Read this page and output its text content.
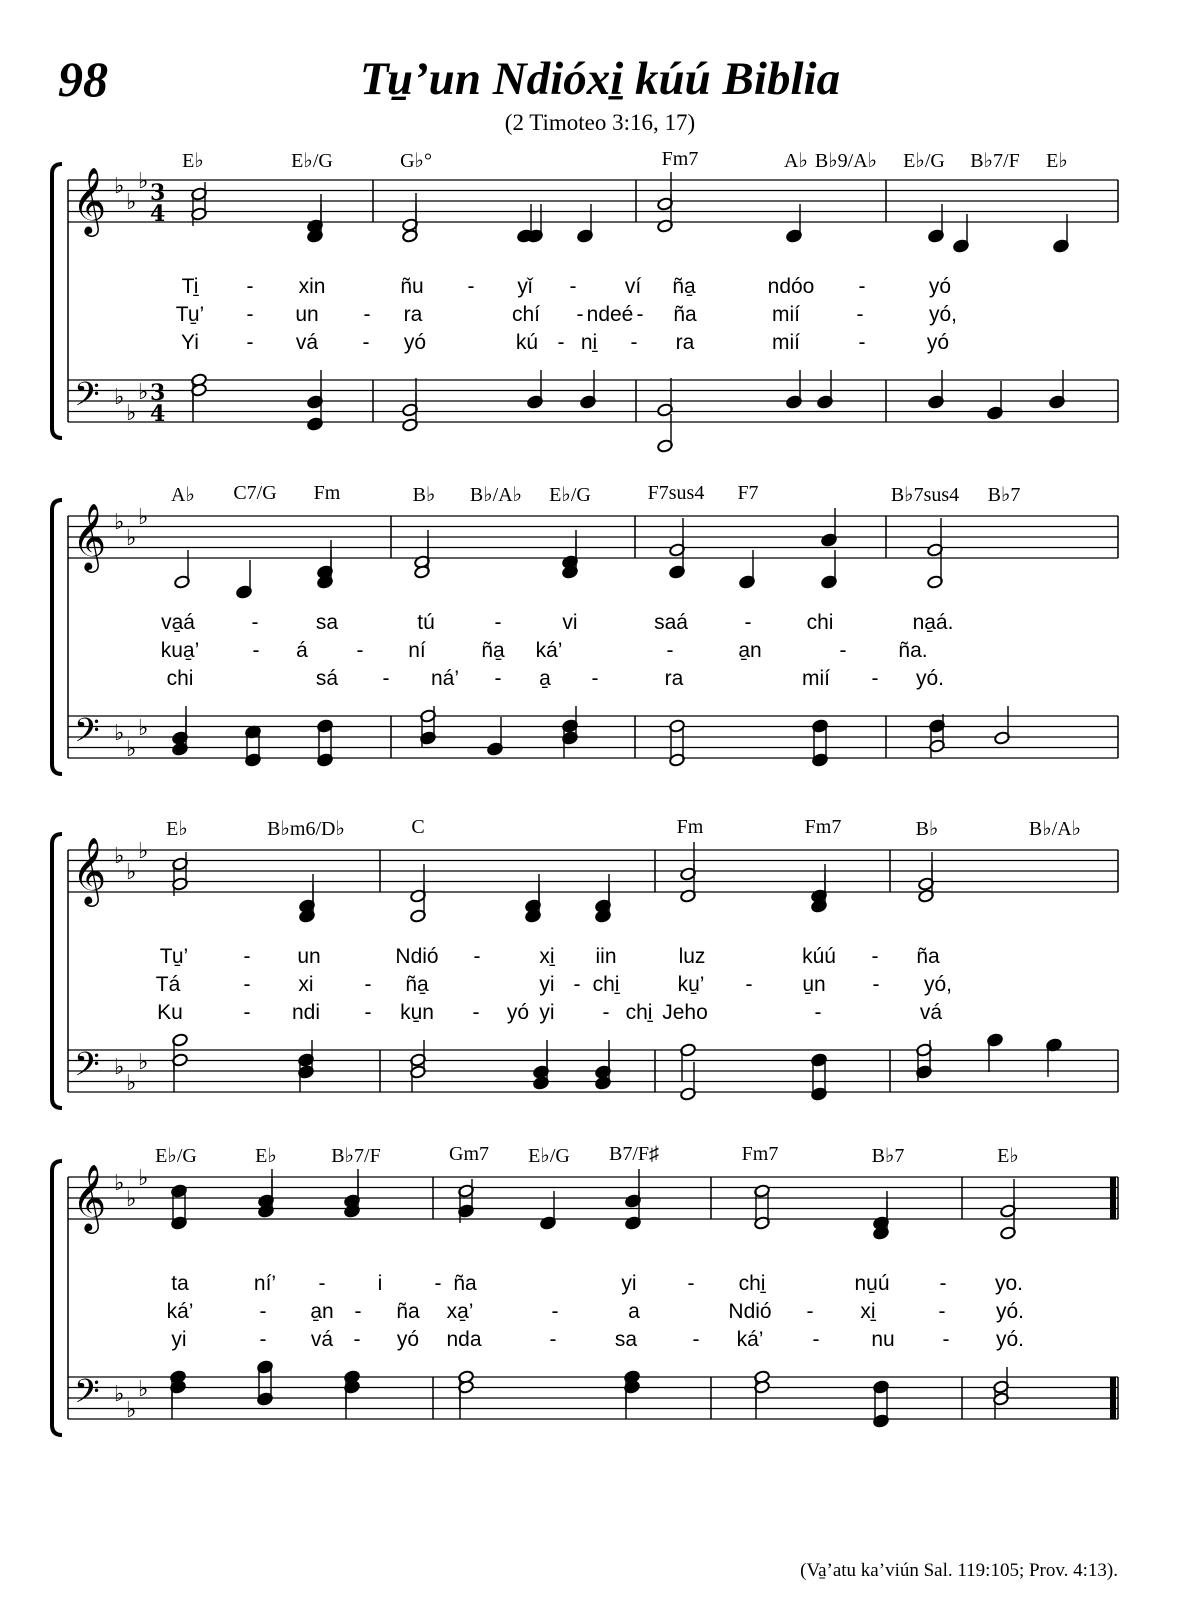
98	Tu̱’un Ndióxi̱ kúú Biblia
(2 Timoteo 3:16, 17)
𝄞
𝄢
♭
♭
♭
♭
♭
♭
3
4
3
4
E♭	E♭/G	G♭°	Fm7	A♭ B♭9/A♭ E♭/G B♭7/F E♭
Ti̱ - xin	ñu - yǐ - ví ña̱	ndóo -	yó
Tu̱’ - un - ra	chí - ndeé - ña	mií	-	yó,
Yi - vá - yó	kú - ni̱ - ra	mií	-	yó
𝄞
𝄢
♭
♭
♭
♭
♭
♭
A♭ C7/G Fm	B♭ B♭/A♭ E♭/G	F7sus4 F7	B♭7sus4 B♭7
va̱á	-	sa	tú	-	vi	saá	-	chi	na̱á.
kua̱’	- á - ní	ña̱ ká’	-	a̱n	- ña.
chi	sá - ná’ - a̱ -	ra	mií - yó.
𝄞
𝄢
♭
♭
♭
♭
♭
♭
E♭	B♭m6/D♭	C	Fm	Fm7	B♭	B♭/A♭
Tu̱’	- un	Ndió -	xi̱ iin	luz	kúú - ña
Tá	- xi - ña̱	yi - chi̱	ku̱’ - u̱n - yó,
Ku	- ndi - ku̱n - yó yi - chi̱ Jeho	-	vá
𝄞
𝄢
♭
♭
♭
♭
♭
♭
E♭/G	E♭	B♭7/F	Gm7 E♭/G B7/F♯	Fm7	B♭7	E♭
ta	ní’ - i - ña	yi - chi̱	nu̱ú - yo.
ká’	- a̱n - ña xa̱’	-	a	Ndió - xi̱	- yó.
yi	- vá - yó nda	-	sa	- ká’ - nu - yó.
(Va̱’atu ka’viún Sal. 119:105; Prov. 4:13).
